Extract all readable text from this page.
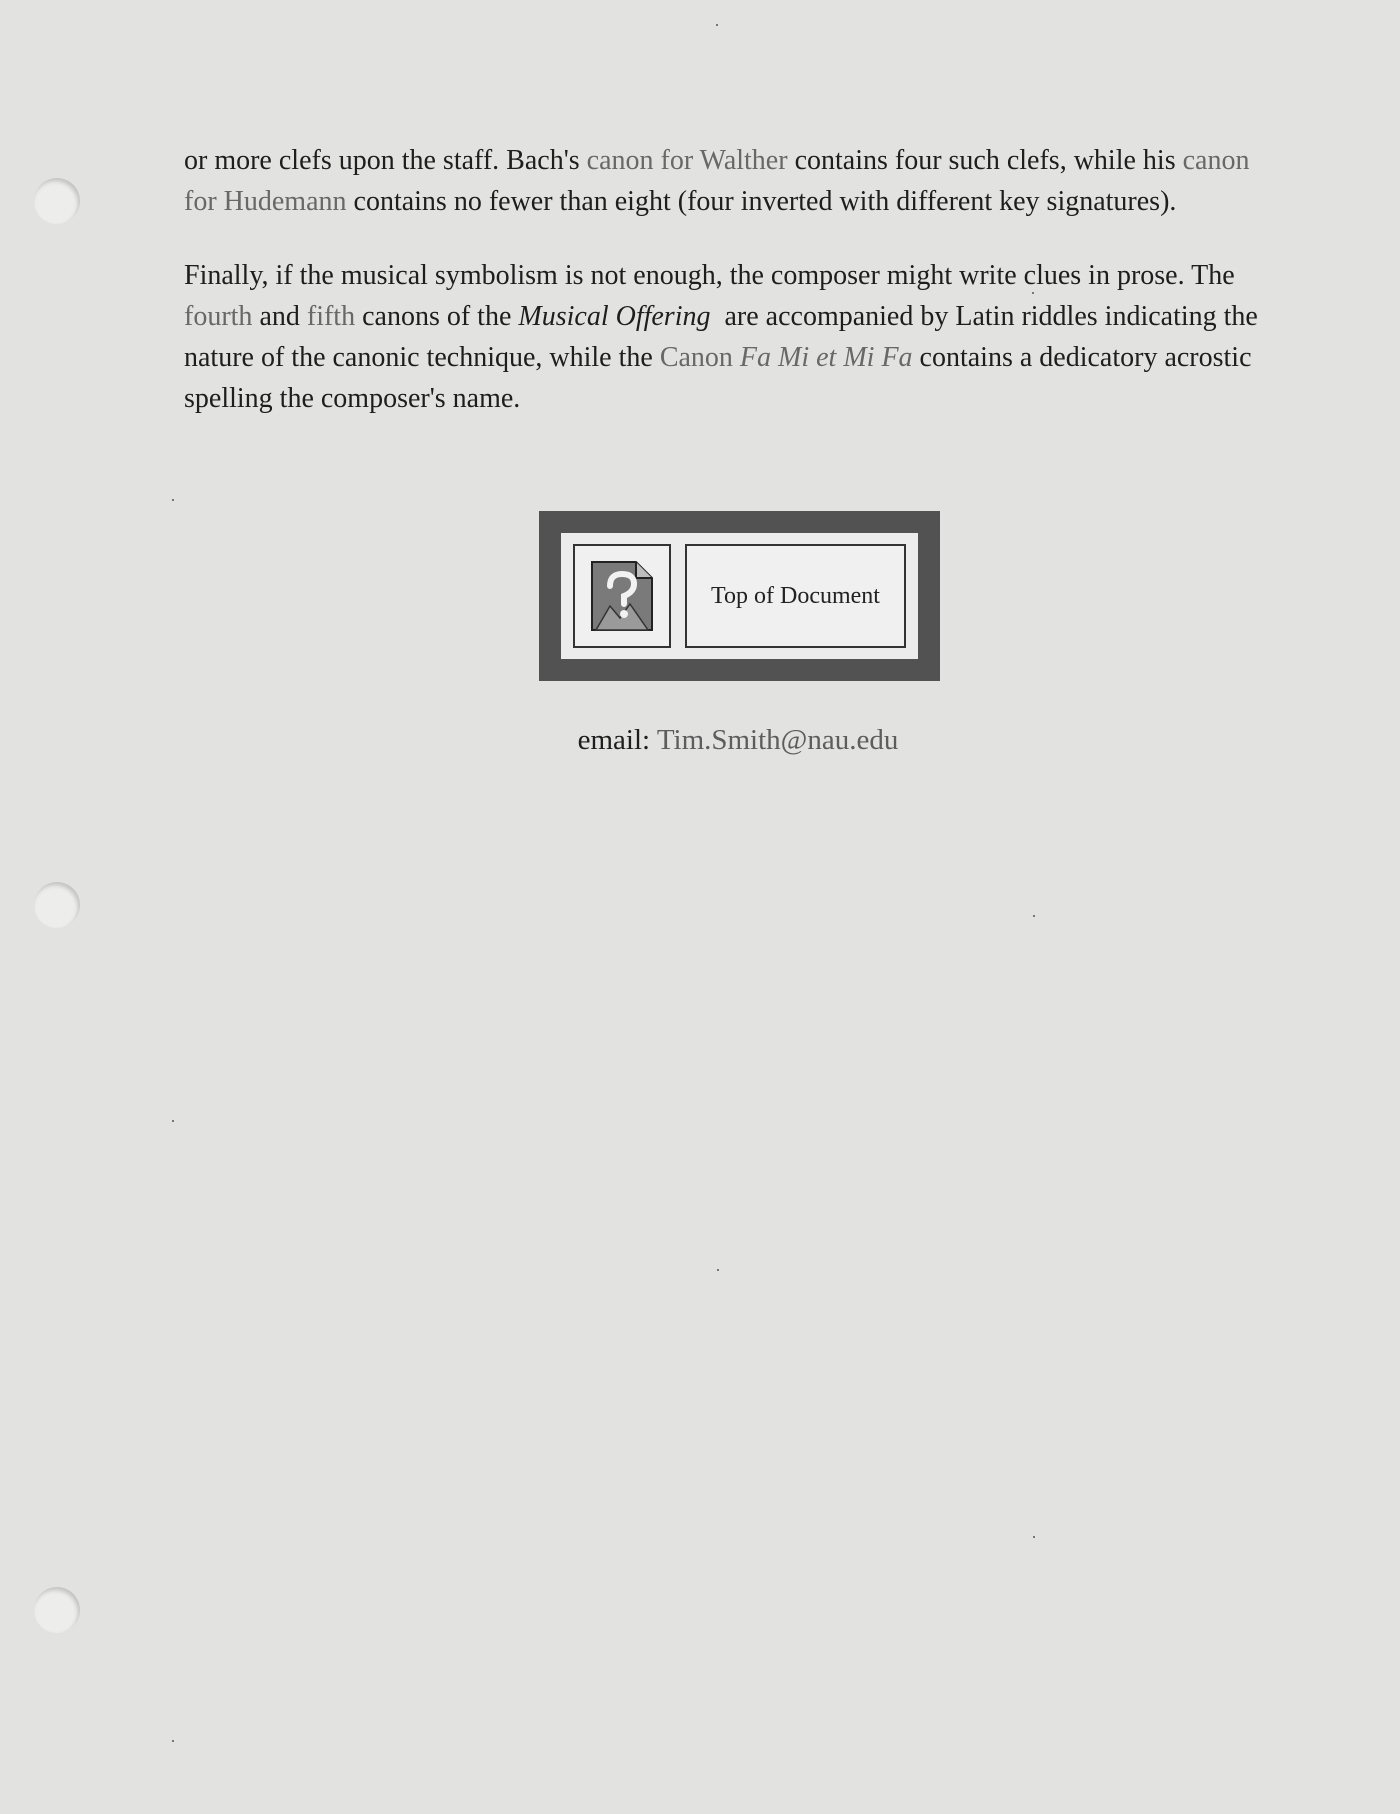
or more clefs upon the staff. Bach's canon for Walther contains four such clefs, while his canon for Hudemann contains no fewer than eight (four inverted with different key signatures).

Finally, if the musical symbolism is not enough, the composer might write clues in prose. The fourth and fifth canons of the Musical Offering  are accompanied by Latin riddles indicating the nature of the canonic technique, while the Canon Fa Mi et Mi Fa contains a dedicatory acrostic spelling the composer's name.

Top of Document
email: Tim.Smith@nau.edu
